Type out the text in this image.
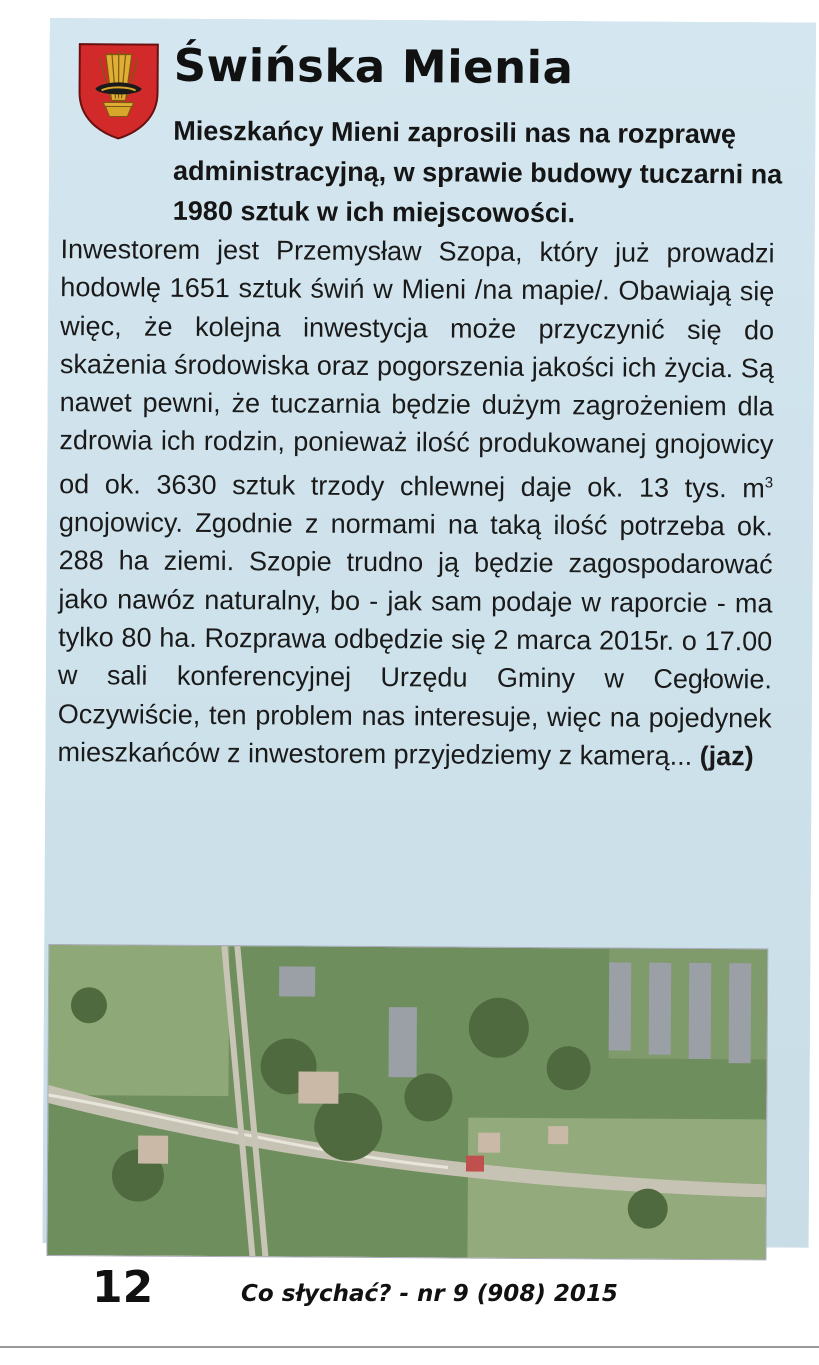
Świńska Mienia

Mieszkańcy Mieni zaprosili nas na rozprawę administracyjną, w sprawie budowy tuczarni na 1980 sztuk w ich miejscowości.

Inwestorem jest Przemysław Szopa, który już prowadzi hodowlę 1651 sztuk świń w Mieni /na mapie/. Obawiają się więc, że kolejna inwestycja może przyczynić się do skażenia środowiska oraz pogorszenia jakości ich życia. Są nawet pewni, że tuczarnia będzie dużym zagrożeniem dla zdrowia ich rodzin, ponieważ ilość produkowanej gnojowicy od ok. 3630 sztuk trzody chlewnej daje ok. 13 tys. $m^3$ gnojowicy. Zgodnie z normami na taką ilość potrzeba ok. 288 ha ziemi. Szopie trudno ją będzie zagospodarować jako nawóz naturalny, bo - jak sam podaje w raporcie - ma tylko 80 ha. Rozprawa odbędzie się 2 marca 2015r. o 17.00 w sali konferencyjnej Urzędu Gminy w Cegłowie. Oczywiście, ten problem nas interesuje, więc na pojedynek mieszkańców z inwestorem przyjedziemy z kamerą... (jaz)

12	Co słychać? - nr 9 (908) 2015
